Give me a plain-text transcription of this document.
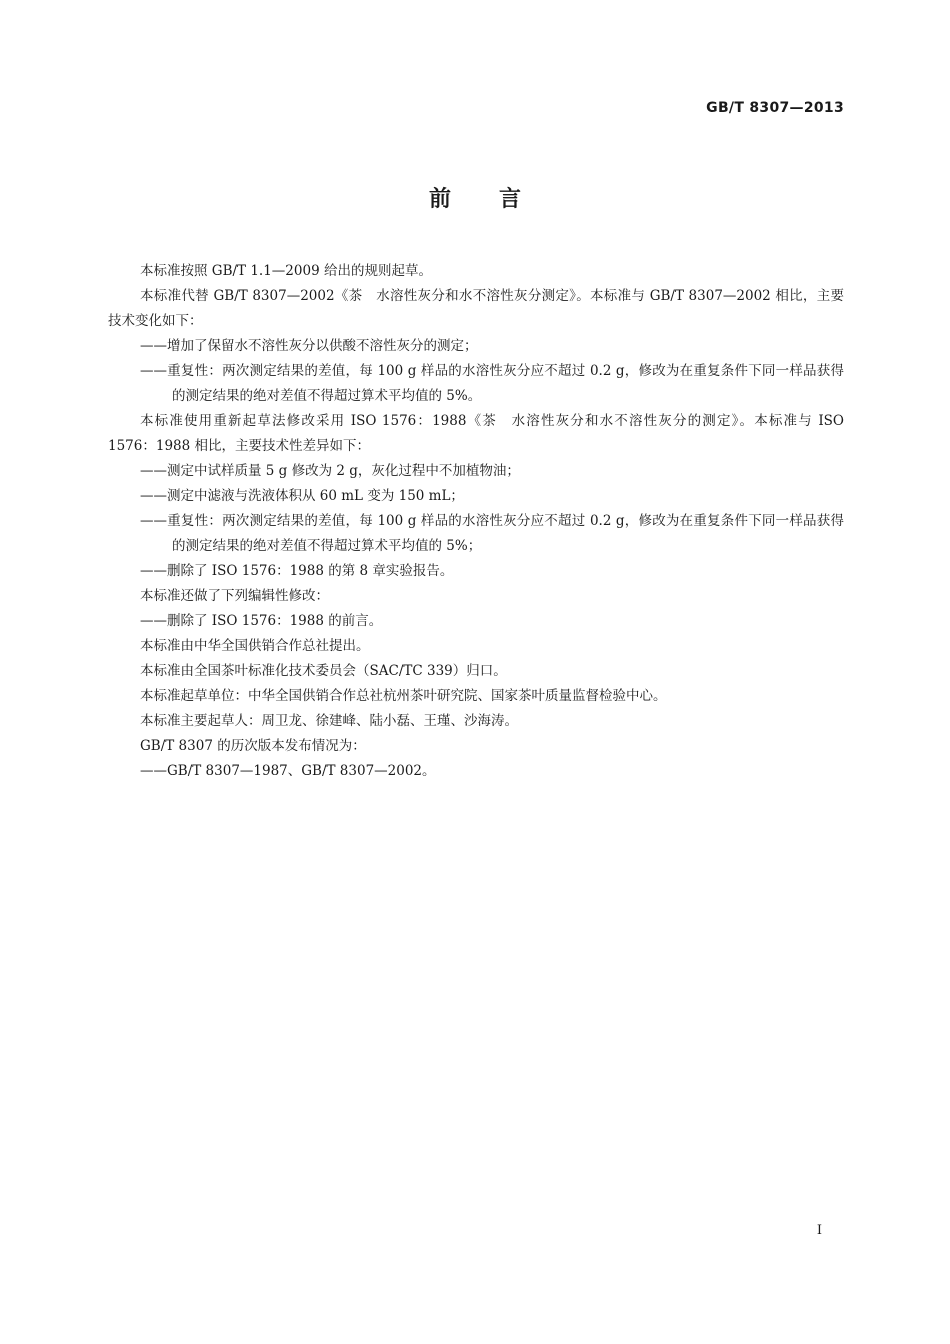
GB/T 8307—2013
前言

本标准按照 GB/T 1.1—2009 给出的规则起草。

本标准代替 GB/T 8307—2002《茶　水溶性灰分和水不溶性灰分测定》。本标准与 GB/T 8307—2002 相比，主要技术变化如下：

——增加了保留水不溶性灰分以供酸不溶性灰分的测定；

——重复性：两次测定结果的差值，每 100 g 样品的水溶性灰分应不超过 0.2 g，修改为在重复条件下同一样品获得的测定结果的绝对差值不得超过算术平均值的 5%。

本标准使用重新起草法修改采用 ISO 1576：1988《茶　水溶性灰分和水不溶性灰分的测定》。本标准与 ISO 1576：1988 相比，主要技术性差异如下：

——测定中试样质量 5 g 修改为 2 g，灰化过程中不加植物油；

——测定中滤液与洗液体积从 60 mL 变为 150 mL；

——重复性：两次测定结果的差值，每 100 g 样品的水溶性灰分应不超过 0.2 g，修改为在重复条件下同一样品获得的测定结果的绝对差值不得超过算术平均值的 5%；

——删除了 ISO 1576：1988 的第 8 章实验报告。

本标准还做了下列编辑性修改：

——删除了 ISO 1576：1988 的前言。

本标准由中华全国供销合作总社提出。

本标准由全国茶叶标准化技术委员会（SAC/TC 339）归口。

本标准起草单位：中华全国供销合作总社杭州茶叶研究院、国家茶叶质量监督检验中心。

本标准主要起草人：周卫龙、徐建峰、陆小磊、王瑾、沙海涛。

GB/T 8307 的历次版本发布情况为：

——GB/T 8307—1987、GB/T 8307—2002。

I
